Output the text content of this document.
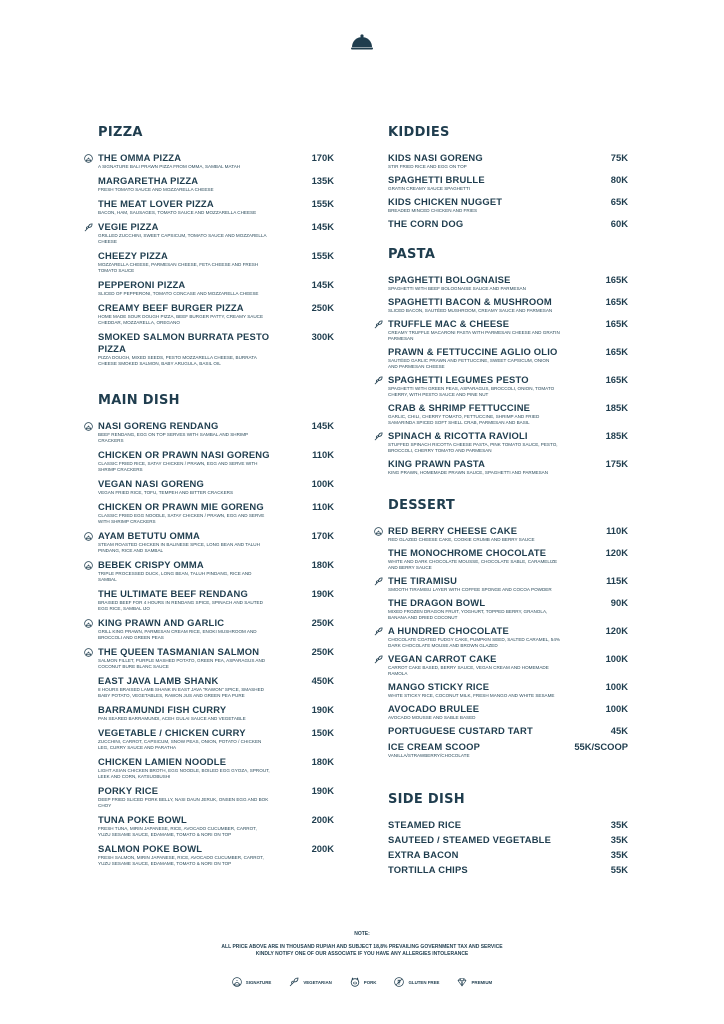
PIZZA
THE OMMA PIZZA	170K
A SIGNATURE BALI PRAWN PIZZA FROM OMMA, SAMBAL MATAH
MARGARETHA PIZZA	135K
FRESH TOMATO SAUCE AND MOZZARELLA CHEESE
THE MEAT LOVER PIZZA	155K
BACON, HAM, SAUSAGES, TOMATO SAUCE AND MOZZARELLA CHEESE
VEGIE PIZZA	145K
GRILLED ZUCCHINI, SWEET CAPSICUM, TOMATO SAUCE AND MOZZARELLA CHEESE
CHEEZY PIZZA	155K
MOZZARELLA CHEESE, PARMESAN CHEESE, FETA CHEESE AND FRESH TOMATO SAUCE
PEPPERONI PIZZA	145K
SLICED OF PEPPERONI, TOMATO CONCASE AND MOZZARELLA CHEESE
CREAMY BEEF BURGER PIZZA	250K
HOME MADE SOUR DOUGH PIZZA, BEEF BURGER PATTY, CREAMY SAUCE CHEDDAR, MOZZARELLA, OREGANO
SMOKED SALMON BURRATA PESTO PIZZA
300K
PIZZA DOUGH, MIXED SEEDS, PESTO MOZZARELLA CHEESE, BURRATA CHEESE SMOKED SALMON, BABY ARUGULA, BASIL OIL
MAIN DISH
NASI GORENG RENDANG	145K
BEEF RENDANG, EGG ON TOP SERVES WITH SAMBAL AND SHRIMP CRACKERS
CHICKEN OR PRAWN NASI GORENG	110K
CLASSIC FRIED RICE, SATAY CHICKEN / PRAWN, EGG AND SERVE WITH SHRIMP CRACKERS
VEGAN NASI GORENG	100K
VEGAN FRIED RICE, TOFU, TEMPEH AND BITTER CRACKERS
CHICKEN OR PRAWN MIE GORENG	110K
CLASSIC FRIED EGG NOODLE, SATAY CHICKEN / PRAWN, EGG AND SERVE WITH SHRIMP CRACKERS
AYAM BETUTU OMMA	170K
STEAM ROASTED CHICKEN IN BALINESE SPICE, LONG BEAN AND TALUH PINDANG, RICE AND SAMBAL
BEBEK CRISPY OMMA	180K
TRIPLE PROCESSED DUCK, LONG BEAN, TALUH PINDANG, RICE AND SAMBAL
THE ULTIMATE BEEF RENDANG	190K
BRAISED BEEF FOR 4 HOURS IN RENDANG SPICE, SPINACH AND SAUTED EGG RICE, SAMBAL IJO
KING PRAWN AND GARLIC	250K
GRILL KING PRAWN, PARMESAN CREAM RICE, ENOKI MUSHROOM AND BROCCOLI AND GREEN PEAS
THE QUEEN TASMANIAN SALMON	250K
SALMON FILLET, PURPLE MASHED POTATO, GREEN PEA, ASPARAGUS AND COCONUT BURE BLANC SAUCE
EAST JAVA LAMB SHANK	450K
8 HOURS BRAISED LAMB SHANK IN EAST JAVA "RAWON" SPICE, SMASHED BABY POTATO, VEGETABLES, RAWON JUS AND GREEN PEA PURE
BARRAMUNDI FISH CURRY	190K
PAN SEARED BARRAMUNDI, ACEH GULAI SAUCE AND VEGETABLE
VEGETABLE / CHICKEN CURRY	150K
ZUCCHINI, CARROT, CAPSICUM, SNOW PEAS, ONION, POTATO / CHICKEN LEG, CURRY SAUCE AND PARATHA
CHICKEN LAMIEN NOODLE	180K
LIGHT ASIAN CHICKEN BROTH, EGG NOODLE, BOILED EGG GYOZA, SPROUT, LEEK AND CORN, KATSUOBUSHI
PORKY RICE	190K
DEEP FRIED SLICED PORK BELLY, NASI DAUN JERUK, ONSEN EGG AND BOK CHOY
TUNA POKE BOWL	200K
FRESH TUNA, MIRIN JAPANESE, RICE, AVOCADO CUCUMBER, CARROT, YUZU SESAME SAUCE, EDAMAME, TOMATO & NORI ON TOP
SALMON POKE BOWL	200K
FRESH SALMON, MIRIN JAPANESE, RICE, AVOCADO CUCUMBER, CARROT, YUZU SESAME SAUCE, EDAMAME, TOMATO & NORI ON TOP
KIDDIES
KIDS NASI GORENG	75K
STIR FRIED RICE AND EGG ON TOP
SPAGHETTI BRULLE	80K
GRATIN CREAMY SAUCE SPAGHETTI
KIDS CHICKEN NUGGET	65K
BREADED MINCED CHICKEN AND FRIES
THE CORN DOG	60K
PASTA
SPAGHETTI BOLOGNAISE	165K
SPAGHETTI WITH BEEF BOLOGNAISE SAUCE AND PARMESAN
SPAGHETTI BACON & MUSHROOM	165K
SLICED BACON, SAUTÉED MUSHROOM, CREAMY SAUCE AND PARMESAN
TRUFFLE MAC & CHEESE	165K
CREAMY TRUFFLE MACARONI PASTA WITH PARMESAN CHEESE AND GRATIN PARMESAN
PRAWN & FETTUCCINE AGLIO OLIO	165K
SAUTÉED GARLIC PRAWN AND FETTUCCINE, SWEET CAPSICUM, ONION AND PARMESAN CHEESE
SPAGHETTI LEGUMES PESTO	165K
SPAGHETTI WITH GREEN PEAS, ASPARAGUS, BROCCOLI, ONION, TOMATO CHERRY, WITH PESTO SAUCE AND PINE NUT
CRAB & SHRIMP FETTUCCINE	185K
GARLIC, CHILI, CHERRY TOMATO, FETTUCCINE, SHRIMP AND FRIED SAMARINDA SPICED SOFT SHELL CRAB, PARMESAN AND BASIL
SPINACH & RICOTTA RAVIOLI	185K
STUFFED SPINACH RICOTTA CHEESE PASTA, PINK TOMATO SAUCE, PESTO, BROCCOLI, CHERRY TOMATO AND PARMESAN
KING PRAWN PASTA	175K
KING PRAWN, HOMEMADE PRAWN SAUCE, SPAGHETTI AND PARMESAN
DESSERT
RED BERRY CHEESE CAKE	110K
RED GLAZED CHEESE CAKE, COOKIE CRUMB AND BERRY SAUCE
THE MONOCHROME CHOCOLATE	120K
WHITE AND DARK CHOCOLATE MOUSSE, CHOCOLATE SABLE, CARAMELIZE AND BERRY SAUCE
THE TIRAMISU	115K
SMOOTH TIRAMISU LAYER WITH COFFEE SPONGE AND COCOA POWDER
THE DRAGON BOWL	90K
MIXED FROZEN DRAGON FRUIT, YOGHURT, TOPPED BERRY, GRANOLA, BANANA AND DRIED COCONUT
A HUNDRED CHOCOLATE	120K
CHOCOLATE COATED FUDGY CAKE, PUMPKIN SEED, SALTED CARAMEL, 54% DARK CHOCOLATE MOUSE AND BROWN GLAZED
VEGAN CARROT CAKE	100K
CARROT CAKE BASED, BERRY SAUCE, VEGAN CREAM AND HOMEMADE RAMOLA
MANGO STICKY RICE	100K
WHITE STICKY RICE, COCONUT MILK, FRESH MANGO AND WHITE SESAME
AVOCADO BRULEE	100K
AVOCADO MOUSSE AND SABLE BASED
PORTUGUESE CUSTARD TART	45K
ICE CREAM SCOOP	55K/SCOOP
VANILLA/STRAWBERRY/CHOCOLATE
SIDE DISH
STEAMED RICE	35K
SAUTEED / STEAMED VEGETABLE	35K
EXTRA BACON	35K
TORTILLA CHIPS	55K
NOTE:
ALL PRICE ABOVE ARE IN THOUSAND RUPIAH AND SUBJECT 18,8% PREVAILING GOVERNMENT TAX AND SERVICE
KINDLY NOTIFY ONE OF OUR ASSOCIATE IF YOU HAVE ANY ALLERGIES INTOLERANCE
SIGNATURE	VEGETARIAN	PORK	GLUTEN FREE	PREMIUM
